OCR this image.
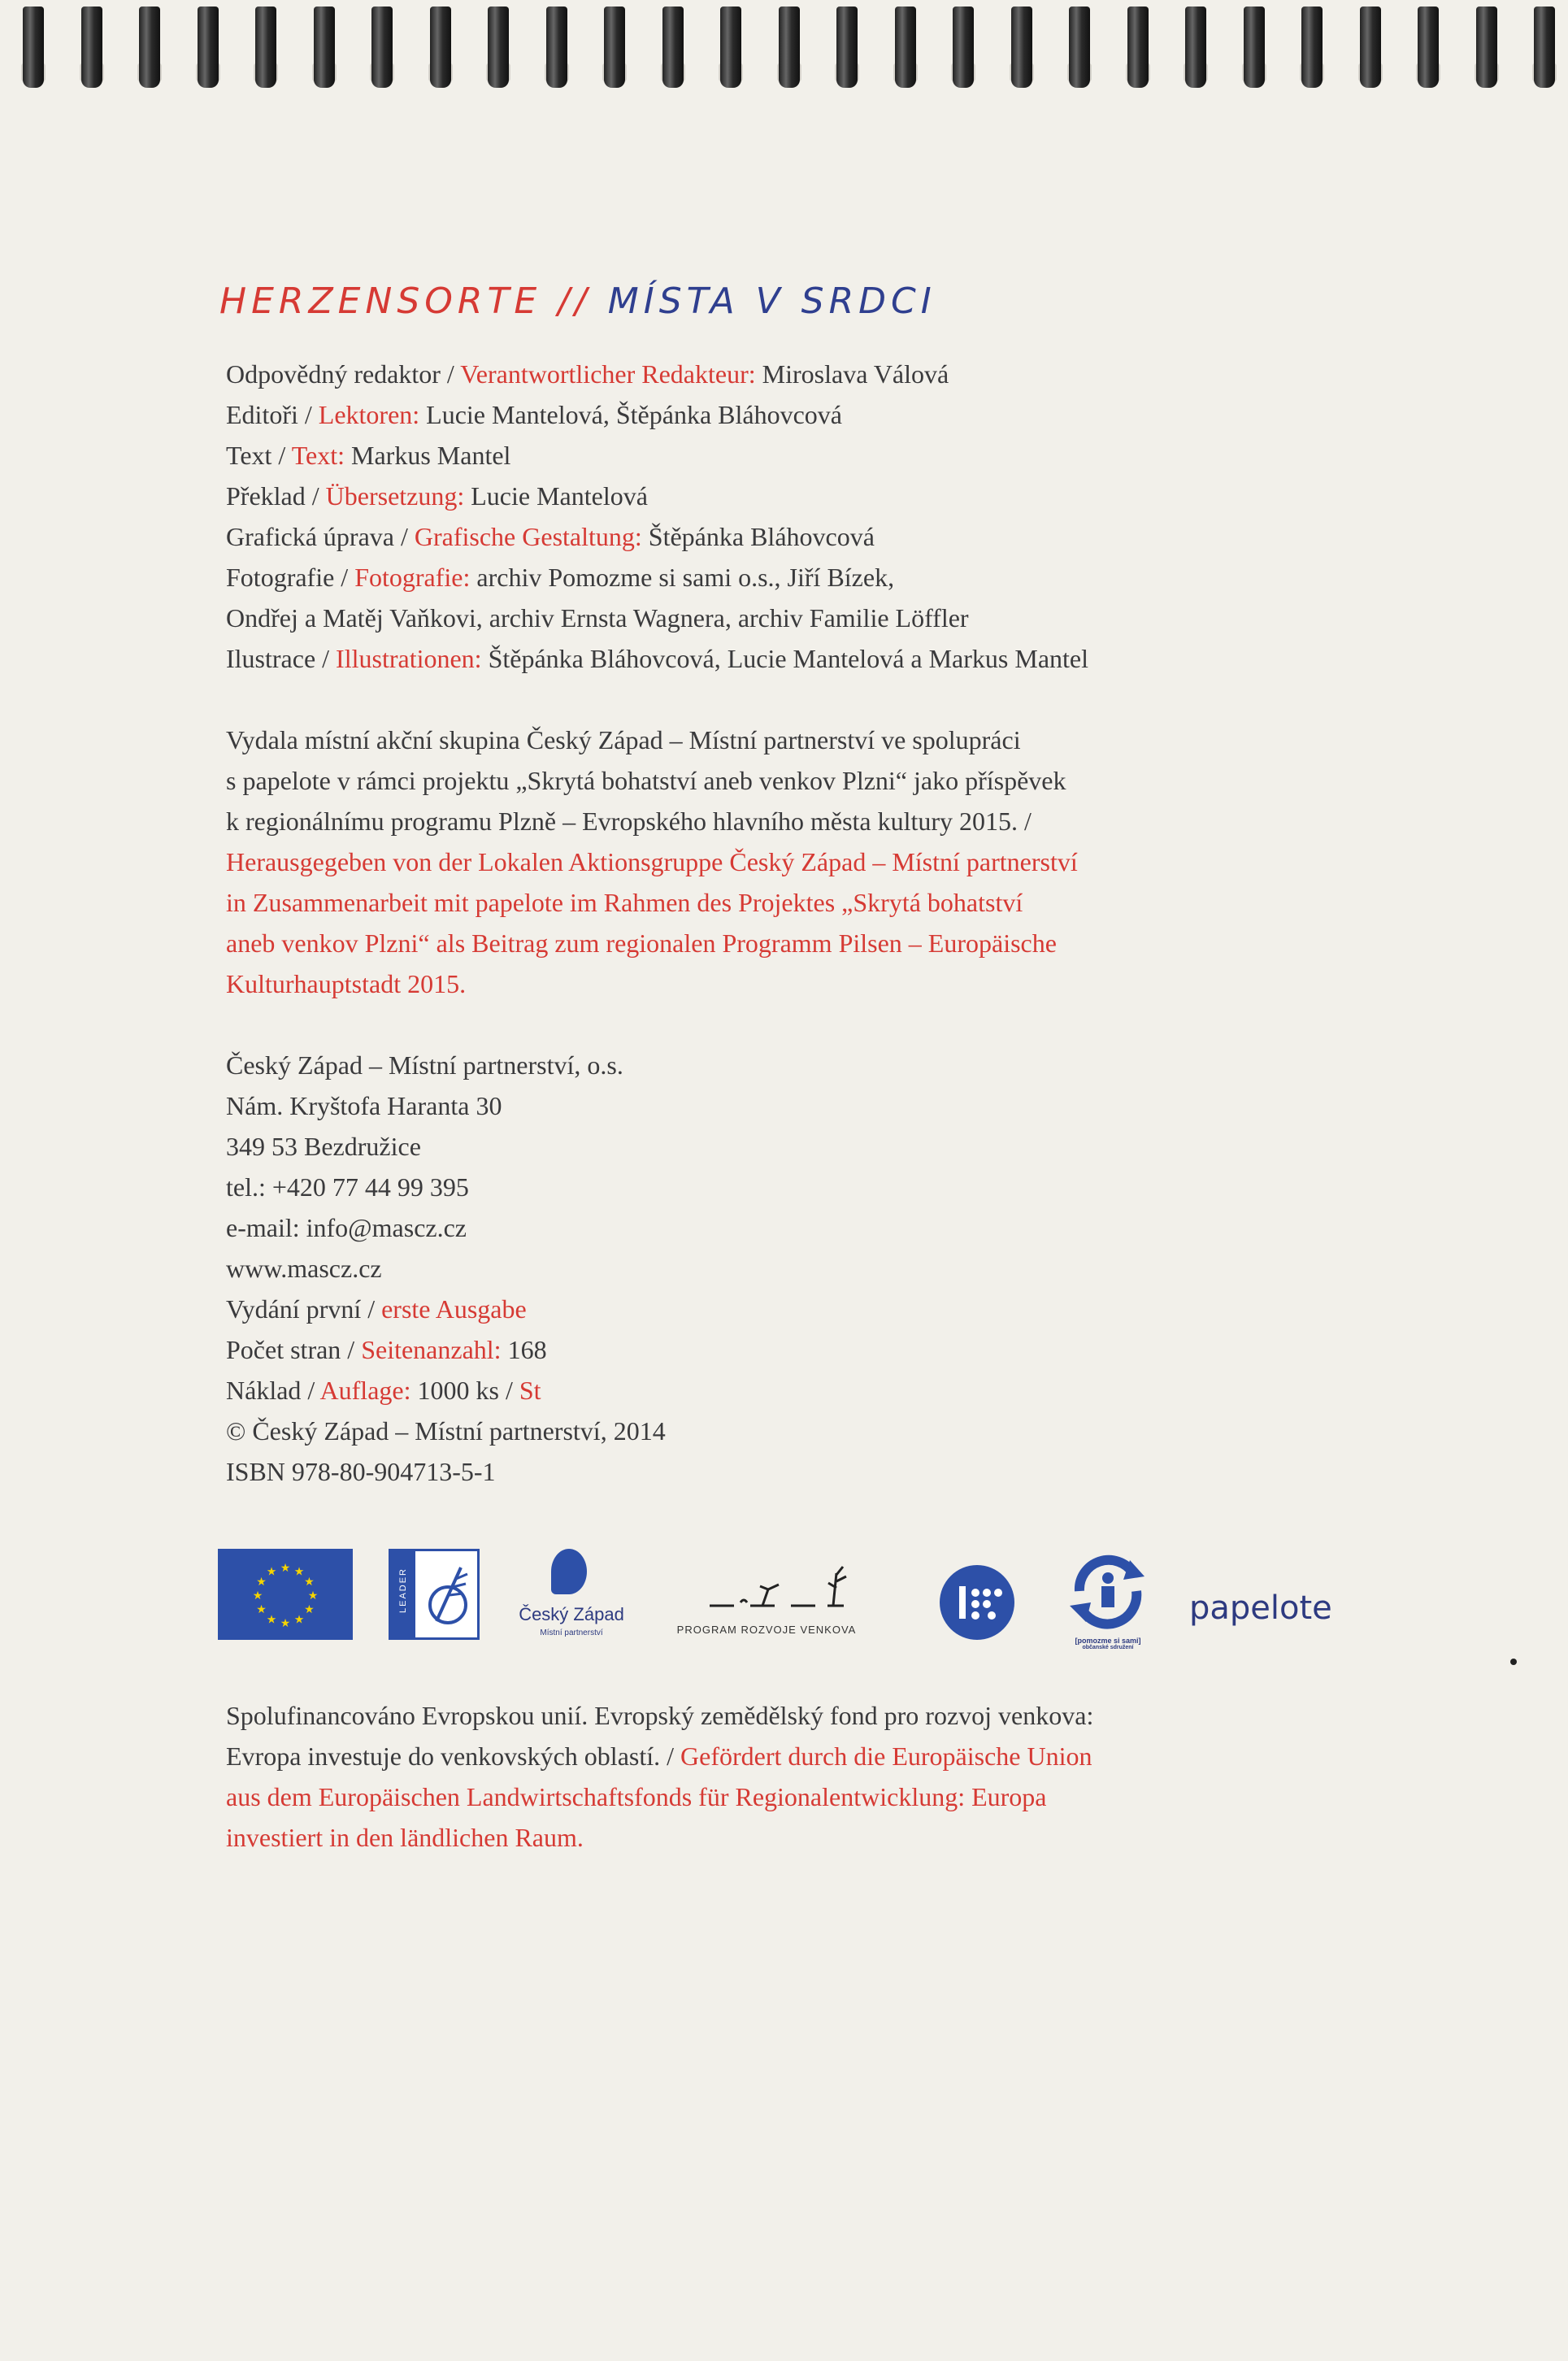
HERZENSORTE // MÍSTA V SRDCI
Odpovědný redaktor / Verantwortlicher Redakteur: Miroslava Válová
Editoři / Lektoren: Lucie Mantelová, Štěpánka Bláhovcová
Text / Text: Markus Mantel
Překlad / Übersetzung: Lucie Mantelová
Grafická úprava / Grafische Gestaltung: Štěpánka Bláhovcová
Fotografie / Fotografie: archiv Pomozme si sami o.s., Jiří Bízek,
Ondřej a Matěj Vaňkovi, archiv Ernsta Wagnera, archiv Familie Löffler
Ilustrace / Illustrationen: Štěpánka Bláhovcová, Lucie Mantelová a Markus Mantel
Vydala místní akční skupina Český Západ – Místní partnerství ve spolupráci
s papelote v rámci projektu „Skrytá bohatství aneb venkov Plzni“ jako příspěvek
k regionálnímu programu Plzně – Evropského hlavního města kultury 2015. /
Herausgegeben von der Lokalen Aktionsgruppe Český Západ – Místní partnerství
in Zusammenarbeit mit papelote im Rahmen des Projektes „Skrytá bohatství
aneb venkov Plzni“ als Beitrag zum regionalen Programm Pilsen – Europäische
Kulturhauptstadt 2015.
Český Západ – Místní partnerství, o.s.
Nám. Kryštofa Haranta 30
349 53 Bezdružice
tel.: +420 77 44 99 395
e-mail: info@mascz.cz
www.mascz.cz
Vydání první / erste Ausgabe
Počet stran / Seitenanzahl: 168
Náklad / Auflage: 1000 ks / St
© Český Západ – Místní partnerství, 2014
ISBN 978-80-904713-5-1
★
★
★
★
★
★
★
★
★ ★ ★
★	LEADER
Český Západ
Místní partnerství	PROGRAM ROZVOJE VENKOVA
[pomozme si sami]
občanské sdružení
papelote
Spolufinancováno Evropskou unií. Evropský zemědělský fond pro rozvoj venkova:
Evropa investuje do venkovských oblastí. / Gefördert durch die Europäische Union
aus dem Europäischen Landwirtschaftsfonds für Regionalentwicklung: Europa
investiert in den ländlichen Raum.
